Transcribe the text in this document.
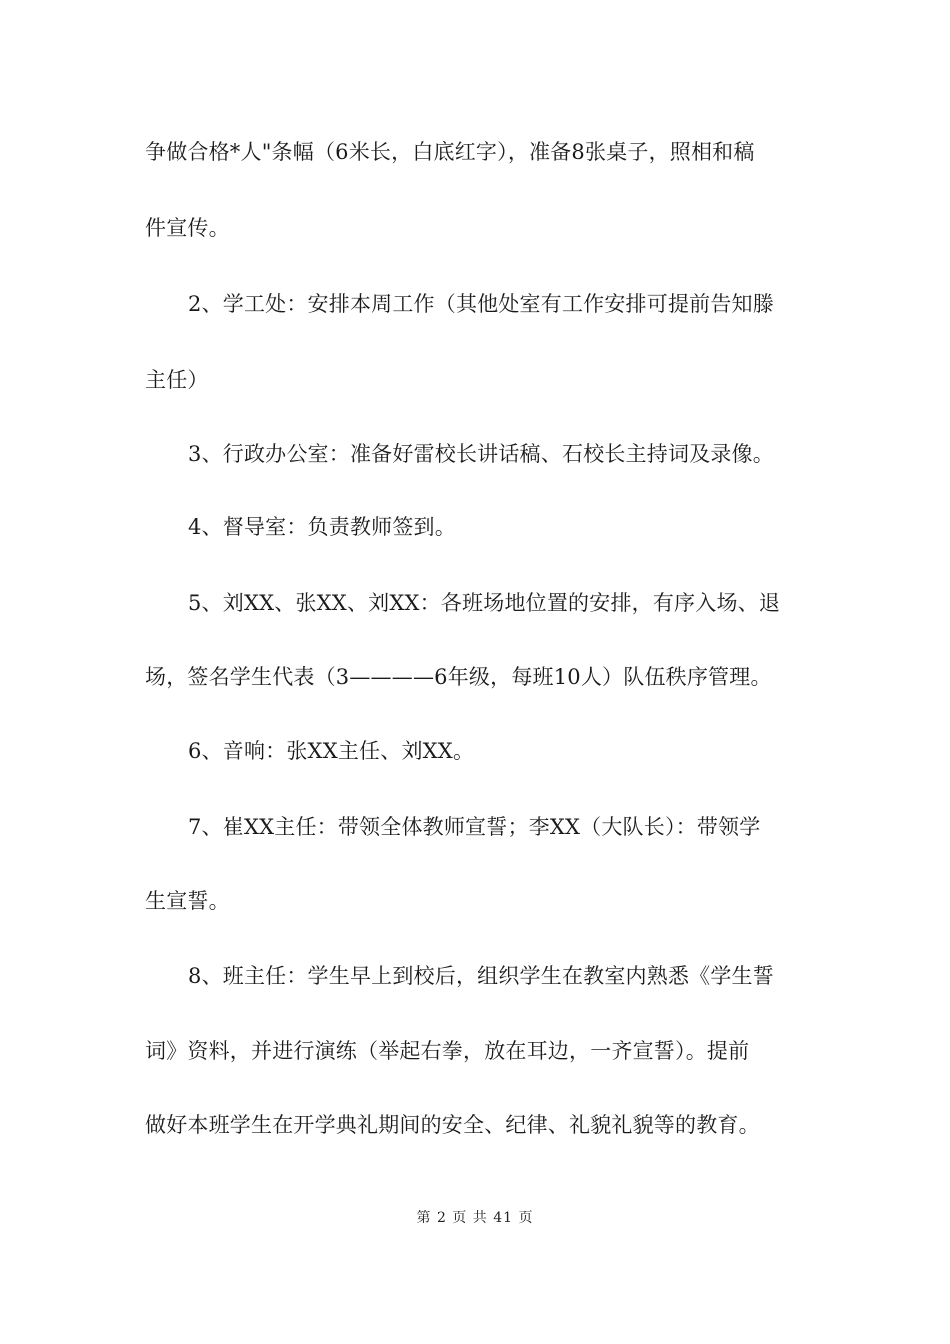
争做合格*人"条幅（6米长，白底红字），准备8张桌子，照相和稿
件宣传。
2、学工处：安排本周工作（其他处室有工作安排可提前告知滕
主任）
3、行政办公室：准备好雷校长讲话稿、石校长主持词及录像。
4、督导室：负责教师签到。
5、刘XX、张XX、刘XX：各班场地位置的安排，有序入场、退
场，签名学生代表（3————6年级，每班10人）队伍秩序管理。
6、音响：张XX主任、刘XX。
7、崔XX主任：带领全体教师宣誓；李XX（大队长）：带领学
生宣誓。
8、班主任：学生早上到校后，组织学生在教室内熟悉《学生誓
词》资料，并进行演练（举起右拳，放在耳边，一齐宣誓）。提前
做好本班学生在开学典礼期间的安全、纪律、礼貌礼貌等的教育。
第 2 页 共 41 页
